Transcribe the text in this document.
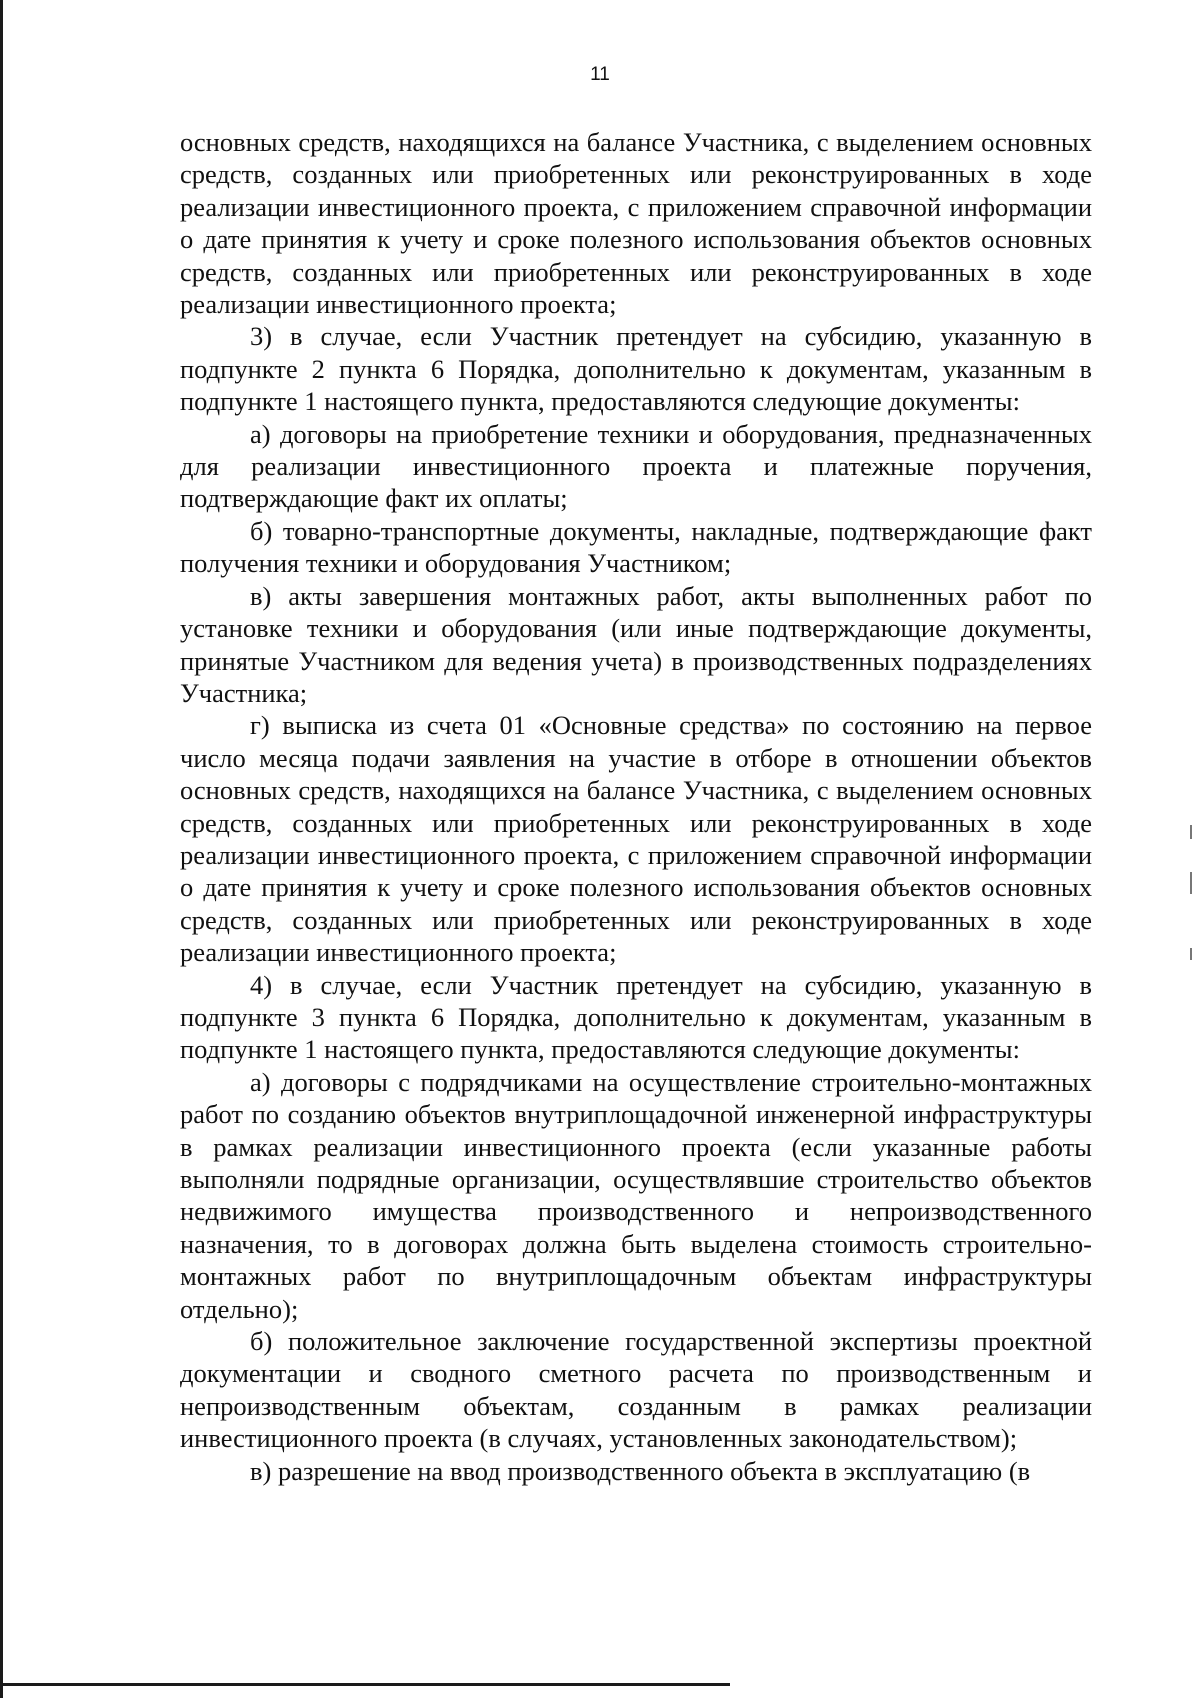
11

основных средств, находящихся на балансе Участника, с выделением основных средств, созданных или приобретенных или реконструированных в ходе реализации инвестиционного проекта, с приложением справочной информации о дате принятия к учету и сроке полезного использования объектов основных средств, созданных или приобретенных или реконструированных в ходе реализации инвестиционного проекта;

3) в случае, если Участник претендует на субсидию, указанную в подпункте 2 пункта 6 Порядка, дополнительно к документам, указанным в подпункте 1 настоящего пункта, предоставляются следующие документы:

а) договоры на приобретение техники и оборудования, предназначенных для реализации инвестиционного проекта и платежные поручения, подтверждающие факт их оплаты;

б) товарно-транспортные документы, накладные, подтверждающие факт получения техники и оборудования Участником;

в) акты завершения монтажных работ, акты выполненных работ по установке техники и оборудования (или иные подтверждающие документы, принятые Участником для ведения учета) в производственных подразделениях Участника;

г) выписка из счета 01 «Основные средства» по состоянию на первое число месяца подачи заявления на участие в отборе в отношении объектов основных средств, находящихся на балансе Участника, с выделением основных средств, созданных или приобретенных или реконструированных в ходе реализации инвестиционного проекта, с приложением справочной информации о дате принятия к учету и сроке полезного использования объектов основных средств, созданных или приобретенных или реконструированных в ходе реализации инвестиционного проекта;

4) в случае, если Участник претендует на субсидию, указанную в подпункте 3 пункта 6 Порядка, дополнительно к документам, указанным в подпункте 1 настоящего пункта, предоставляются следующие документы:

а) договоры с подрядчиками на осуществление строительно-монтажных работ по созданию объектов внутриплощадочной инженерной инфраструктуры в рамках реализации инвестиционного проекта (если указанные работы выполняли подрядные организации, осуществлявшие строительство объектов недвижимого имущества производственного и непроизводственного назначения, то в договорах должна быть выделена стоимость строительно-монтажных работ по внутриплощадочным объектам инфраструктуры отдельно);

б) положительное заключение государственной экспертизы проектной документации и сводного сметного расчета по производственным и непроизводственным объектам, созданным в рамках реализации инвестиционного проекта (в случаях, установленных законодательством);

в) разрешение на ввод производственного объекта в эксплуатацию (в
